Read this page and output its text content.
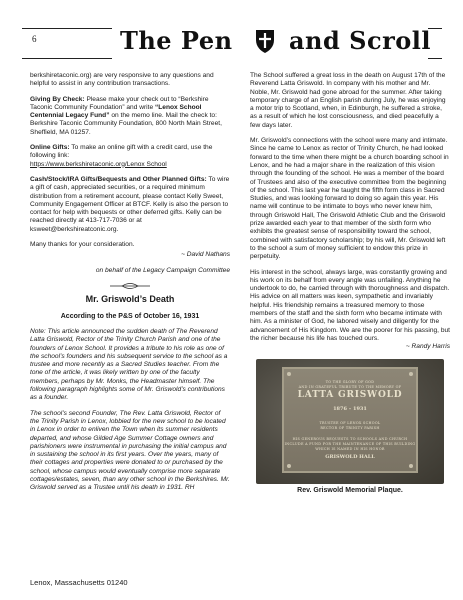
6	The Pen and Scroll

berkshiretaconic.org) are very responsive to any questions and helpful to assist in any contribution transactions.

Giving By Check: Please make your check out to “Berkshire Taconic Community Foundation” and write “Lenox School Centennial Legacy Fund” on the memo line. Mail the check to: Berkshire Taconic Community Foundation, 800 North Main Street, Sheffield, MA 01257.

Online Gifts: To make an online gift with a credit card, use the following link:
https://www.berkshiretaconic.org/Lenox School

Cash/Stock/IRA Gifts/Bequests and Other Planned Gifts: To wire a gift of cash, appreciated securities, or a required minimum distribution from a retirement account, please contact Kelly Sweet, Community Engagement Officer at BTCF. Kelly is also the person to contact for help with bequests or other deferred gifts. Kelly can be reached directly at 413-717-7036 or at ksweet@berkshireatconic.org.

Many thanks for your consideration.

~ David Nathans

on behalf of the Legacy Campaign Committee

Mr. Griswold’s Death

According to the P&S of October 16, 1931

Note: This article announced the sudden death of The Reverend Latta Griswold, Rector of the Trinity Church Parish and one of the founders of Lenox School. It provides a tribute to his role as one of the school’s founders and his subsequent service to the school as a trustee and more recently as a Sacred Studies teacher. From the tone of the article, it was likely written by one of the faculty members, perhaps by Mr. Monks, the Headmaster himself. The following paragraph highlights some of Mr. Griswold’s contributions as a founder.

The school’s second Founder, The Rev. Latta Griswold, Rector of the Trinity Parish in Lenox, lobbied for the new school to be located in Lenox in order to enliven the Town when its summer residents departed, and whose Gilded Age Summer Cottage owners and parishioners were instrumental in purchasing the initial campus and in sustaining the school in its first years. Over the years, many of their cottages and properties were donated to or purchased by the school, whose campus would eventually comprise more separate cottages/estates, seven, than any other school in the Berkshires. Mr. Griswold served as a Trustee until his death in 1931. RH

The School suffered a great loss in the death on August 17th of the Reverend Latta Griswold. In company with his mother and Mr. Noble, Mr. Griswold had gone abroad for the summer. After taking temporary charge of an English parish during July, he was enjoying a motor trip to Scotland, when, in Edinburgh, he suffered a stroke, as a result of which he lost consciousness, and died peacefully a few days later.

Mr. Griswold’s connections with the school were many and intimate. Since he came to Lenox as rector of Trinity Church, he had looked forward to the time when there might be a church boarding school in Lenox, and he had a major share in the realization of this vision through the founding of the school. He was a member of the board of Trustees and also of the executive committee from the beginning of the school. This last year he taught the fifth form class in Sacred Studies, and was looking forward to doing so again this year. His name will continue to be intimate to boys who never knew him, through Griswold Hall, The Griswold Athletic Club and the Griswold prize awarded each year to that member of the sixth form who exhibits the greatest sense of responsibility toward the school, combined with satisfactory scholarship; by his will, Mr. Griswold left to the school a sum of money sufficient to endow this prize in perpetuity.

His interest in the school, always large, was constantly growing and his work on its behalf from every angle was unfailing. Anything he undertook to do, he carried through with thoroughness and dispatch. His advice on all matters was keen, sympathetic and invariably helpful. His friendship remains a treasured memory to those members of the staff and the sixth form who became intimate with him. As a minister of God, he labored wisely and diligently for the advancement of His Kingdom. We are the poorer for his passing, but the richer because his life has touched ours.

~ Randy Harris

TO THE GLORY OF GOD
AND IN GRATEFUL TRIBUTE TO THE MEMORY OF
LATTA GRISWOLD
1876 – 1931
TRUSTEE OF LENOX SCHOOL
RECTOR OF TRINITY PARISH
HIS GENEROUS BEQUESTS TO SCHOOLS AND CHURCH
INCLUDE A FUND FOR THE MAINTENANCE OF THIS BUILDING
WHICH IS NAMED IN HIS HONOR
GRISWOLD HALL
Rev. Griswold Memorial Plaque.
Lenox, Massachusetts 01240
